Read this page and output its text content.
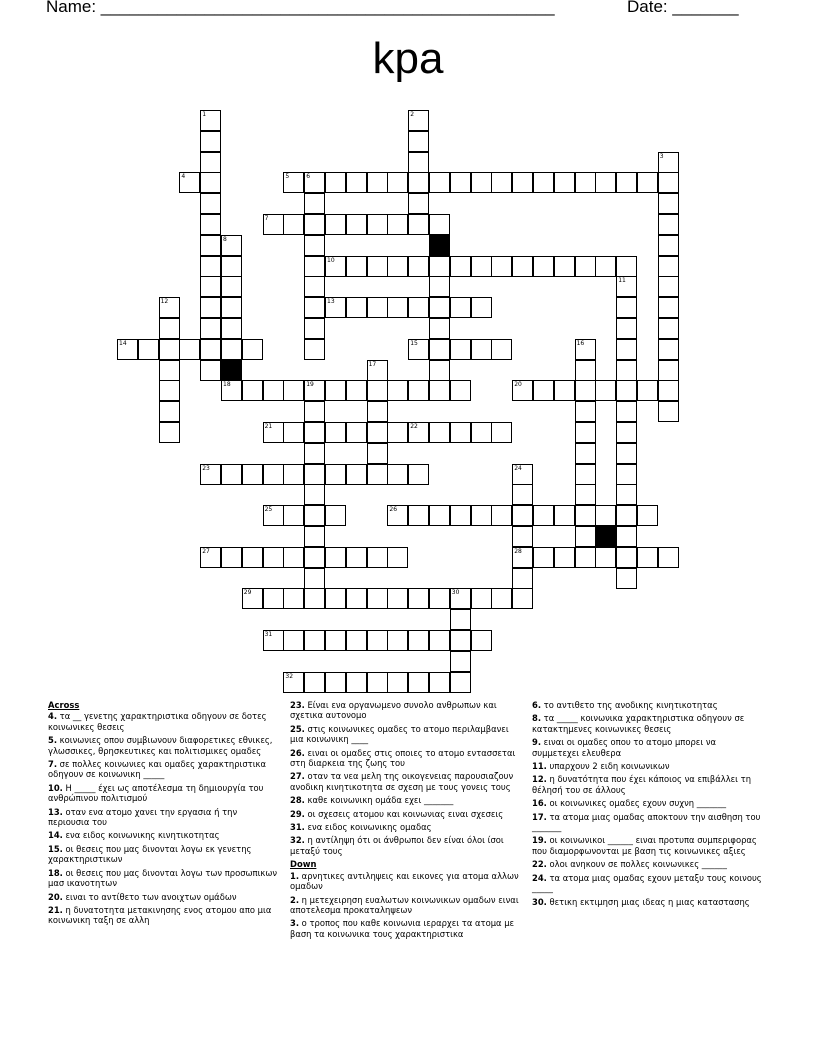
Name: ________________________________________________	Date: _______
kpa
1	2
3
4	5	6
7
8
10
11
12	13
14	15	16
17
18	19	20
21	22
23	24
28
25	26
27
29	30
31
32
Across
4. τα __ γενετης χαρακτηριστικα οδηγουν σε δοτες κοινωνικες θεσεις
5. κοινωνιες οπου συμβιωνουν διαφορετικες εθνικες, γλωσσικες, θρησκευτικες και πολιτισμικες ομαδες
7. σε πολλες κοινωνιες και ομαδες χαρακτηριστικα οδηγουν σε κοινωνικη _____
10. Η _____ έχει ως αποτέλεσμα τη δημιουργία του ανθρώπινου πολιτισμού
13. οταν ενα ατομο χανει την εργασια ή την περιουσια του
14. ενα ειδος κοινωνικης κινητικοτητας
15. οι θεσεις που μας δινονται λογω εκ γενετης χαρακτηριστικων
18. οι θεσεις που μας δινονται λογω των προσωπικων μασ ικανοτητων
20. ειναι το αντίθετο των ανοιχτων ομάδων
21. η δυνατοτητα μετακινησης ενος ατομου απο μια κοινωνικη ταξη σε αλλη
23. Είναι ενα οργανωμενο συνολο ανθρωπων και σχετικα αυτονομο
25. στις κοινωνικες ομαδες το ατομο περιλαμβανει μια κοινωνικη ____
26. ειναι οι ομαδες στις οποιες το ατομο εντασσεται στη διαρκεια της ζωης του
27. οταν τα νεα μελη της οικογενειας παρουσιαζουν ανοδικη κινητικοτητα σε σχεση με τους γονεις τους
28. καθε κοινωνικη ομάδα εχει _______
29. οι σχεσεις ατομου και κοινωνιας ειναι σχεσεις
31. ενα ειδος κοινωνικης ομαδας
32. η αντίληψη ότι οι άνθρωποι δεν είναι όλοι ίσοι μεταξύ τους
Down
1. αρνητικες αντιληψεις και εικονες για ατομα αλλων ομαδων
2. η μετεχειρηση ευαλωτων κοινωνικων ομαδων ειναι αποτελεσμα προκαταληψεων
3. ο τροπος που καθε κοινωνια ιεραρχει τα ατομα με βαση τα κοινωνικα τους χαρακτηριστικα
6. το αντιθετο της ανοδικης κινητικοτητας
8. τα _____ κοινωνικα χαρακτηριστικα οδηγουν σε κατακτημενες κοινωνικες θεσεις
9. ειναι οι ομαδες οπου το ατομο μπορει να συμμετεχει ελευθερα
11. υπαρχουν 2 ειδη κοινωνικων
12. η δυνατότητα που έχει κάποιος να επιβάλλει τη θέλησή του σε άλλους
16. οι κοινωνικες ομαδες εχουν συχνη _______
17. τα ατομα μιας ομαδας αποκτουν την αισθηση του _______
19. οι κοινωνικοι ______ ειναι προτυπα συμπεριφορας που διαμορφωνονται με βαση τις κοινωνικες αξιες
22. ολοι ανηκουν σε πολλες κοινωνικες ______
24. τα ατομα μιας ομαδας εχουν μεταξυ τους κοινους _____
30. θετικη εκτιμηση μιας ιδεας η μιας καταστασης
